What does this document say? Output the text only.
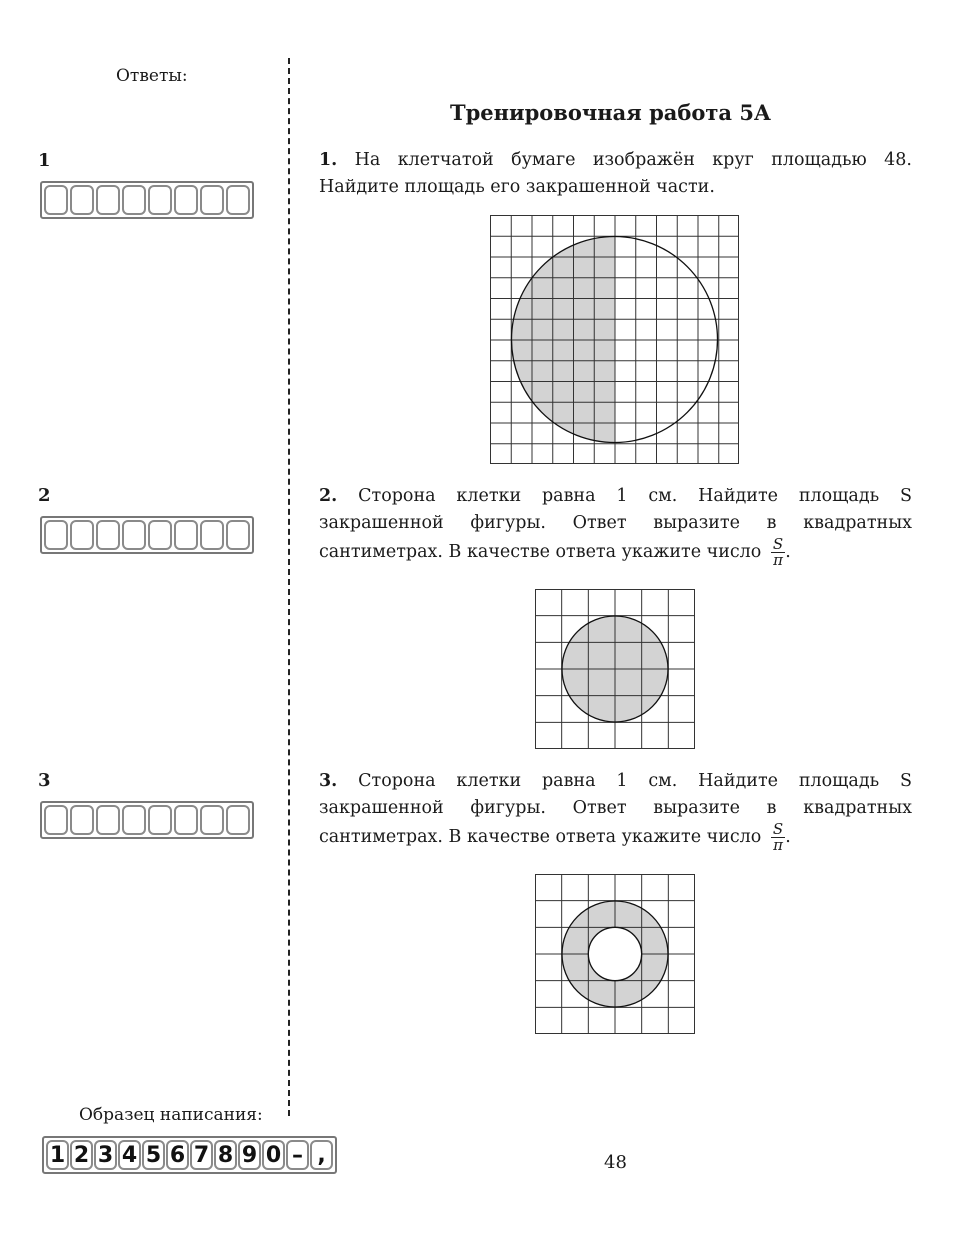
Ответы:
1
2
3
Тренировочная работа 5А
1. На клетчатой бумаге изображён круг площадью 48. Найдите площадь его закрашенной части.
2. Сторона клетки равна 1 см. Найдите площадь S закрашенной фигуры. Ответ выразите в квадратных сантиметрах. В качестве ответа укажите число $\frac{S}{\pi}$ .
3. Сторона клетки равна 1 см. Найдите площадь S закрашенной фигуры. Ответ выразите в квадратных сантиметрах. В качестве ответа укажите число $\frac{S}{\pi}$ .
Образец написания:
1 2 3 4 5 6 7 8 9 0 – ,	48
